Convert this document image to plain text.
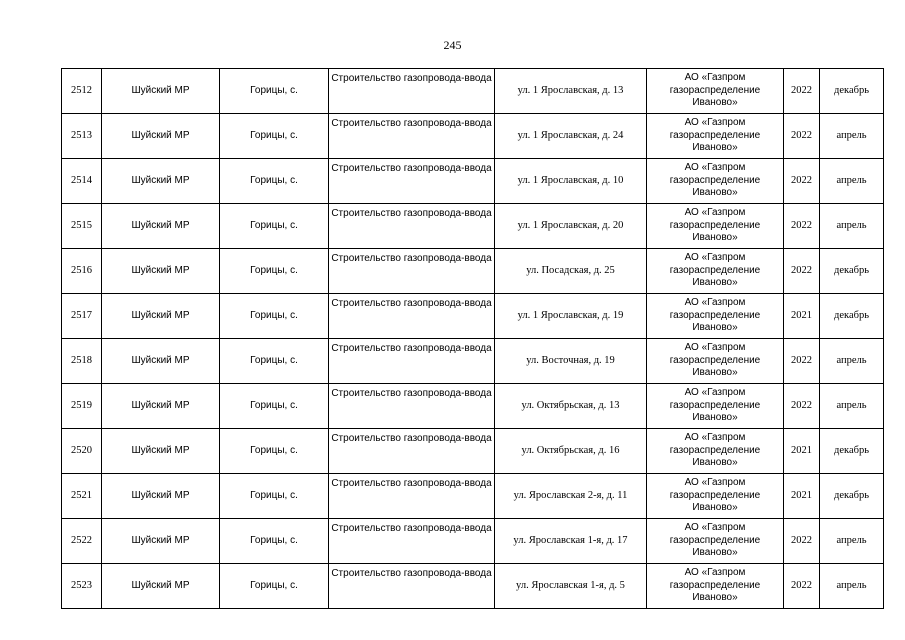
245
2512	Шуйский МР	Горицы, с.	Строительство газопровода-ввода	ул. 1 Ярославская, д. 13	АО «Газпром газораспределение Иваново»	2022	декабрь
2513	Шуйский МР	Горицы, с.	Строительство газопровода-ввода	ул. 1 Ярославская, д. 24	АО «Газпром газораспределение Иваново»	2022	апрель
2514	Шуйский МР	Горицы, с.	Строительство газопровода-ввода	ул. 1 Ярославская, д. 10	АО «Газпром газораспределение Иваново»	2022	апрель
2515	Шуйский МР	Горицы, с.	Строительство газопровода-ввода	ул. 1 Ярославская, д. 20	АО «Газпром газораспределение Иваново»	2022	апрель
2516	Шуйский МР	Горицы, с.	Строительство газопровода-ввода	ул. Посадская, д. 25	АО «Газпром газораспределение Иваново»	2022	декабрь
2517	Шуйский МР	Горицы, с.	Строительство газопровода-ввода	ул. 1 Ярославская, д. 19	АО «Газпром газораспределение Иваново»	2021	декабрь
2518	Шуйский МР	Горицы, с.	Строительство газопровода-ввода	ул. Восточная, д. 19	АО «Газпром газораспределение Иваново»	2022	апрель
2519	Шуйский МР	Горицы, с.	Строительство газопровода-ввода	ул. Октябрьская, д. 13	АО «Газпром газораспределение Иваново»	2022	апрель
2520	Шуйский МР	Горицы, с.	Строительство газопровода-ввода	ул. Октябрьская, д. 16	АО «Газпром газораспределение Иваново»	2021	декабрь
2521	Шуйский МР	Горицы, с.	Строительство газопровода-ввода	ул. Ярославская 2-я, д. 11	АО «Газпром газораспределение Иваново»	2021	декабрь
2522	Шуйский МР	Горицы, с.	Строительство газопровода-ввода	ул. Ярославская 1-я, д. 17	АО «Газпром газораспределение Иваново»	2022	апрель
2523	Шуйский МР	Горицы, с.	Строительство газопровода-ввода	ул. Ярославская 1-я, д. 5	АО «Газпром газораспределение Иваново»	2022	апрель
